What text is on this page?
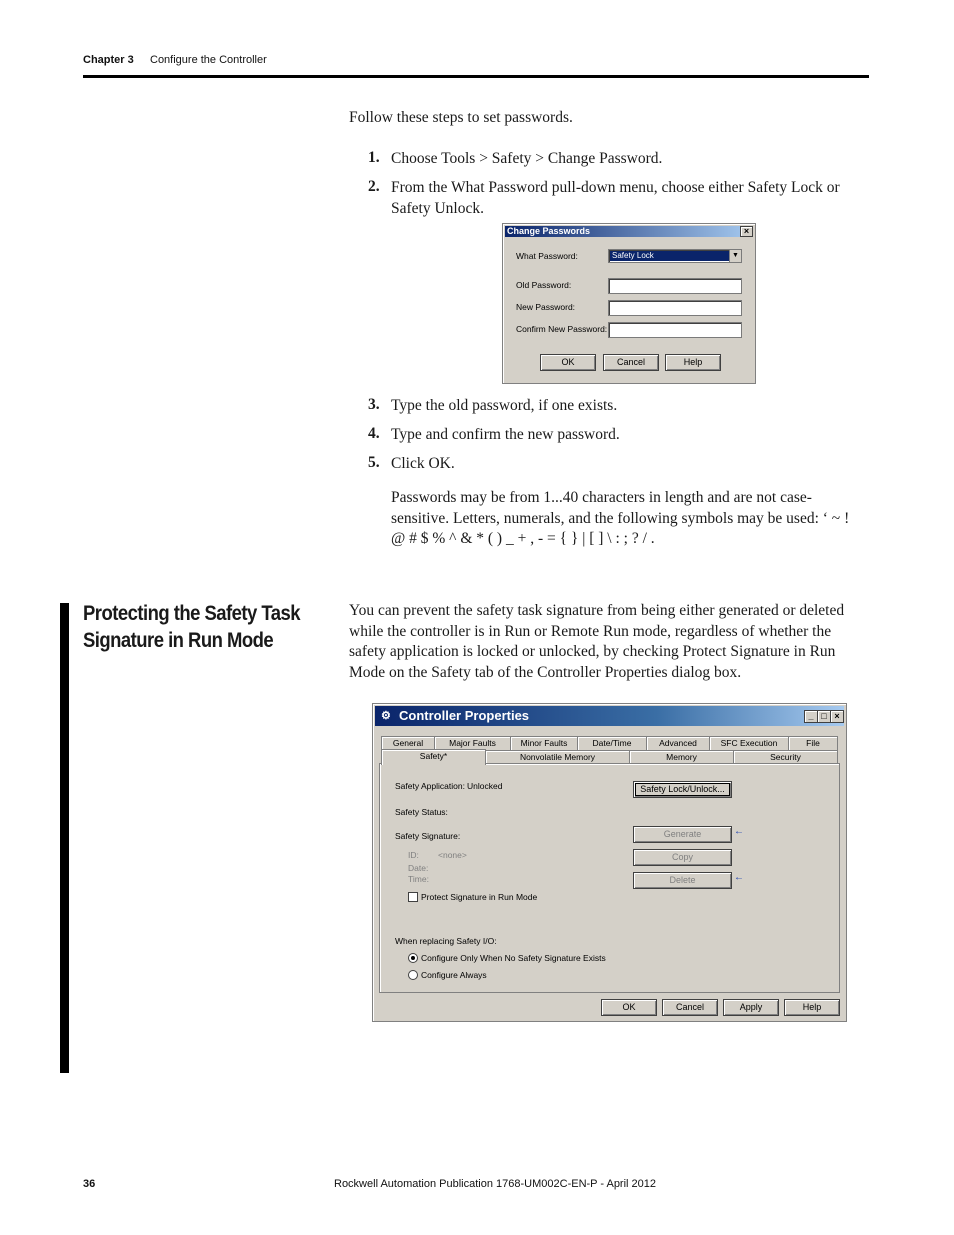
Chapter 3 Configure the Controller
Follow these steps to set passwords.
1. Choose Tools > Safety > Change Password.
2. From the What Password pull-down menu, choose either Safety Lock or Safety Unlock.
Change Passwords	×
What Password:	Safety Lock	▼
Old Password:
New Password:
Confirm New Password:
OK	Cancel	Help
3. Type the old password, if one exists.
4. Type and confirm the new password.
5. Click OK.
Passwords may be from 1...40 characters in length and are not case-sensitive. Letters, numerals, and the following symbols may be used: ‘ ~ ! @ # $ % ^ & * ( ) _ + , - = { } | [ ] \ : ; ? / .
Protecting the Safety Task Signature in Run Mode
You can prevent the safety task signature from being either generated or deleted while the controller is in Run or Remote Run mode, regardless of whether the safety application is locked or unlocked, by checking Protect Signature in Run Mode on the Safety tab of the Controller Properties dialog box.
⚙ Controller Properties	_ □ ×
General	Major Faults	Minor Faults	Date/Time	Advanced	SFC Execution	File
Safety*	Nonvolatile Memory	Memory	Security
Safety Application: Unlocked
Safety Status:
Safety Signature:
ID: <none>
Date:
Time:
Protect Signature in Run Mode
When replacing Safety I/O:
Configure Only When No Safety Signature Exists
Configure Always
Safety Lock/Unlock...
Generate	←
Copy
Delete	←
OK	Cancel	Apply	Help
36	Rockwell Automation Publication 1768-UM002C-EN-P - April 2012
